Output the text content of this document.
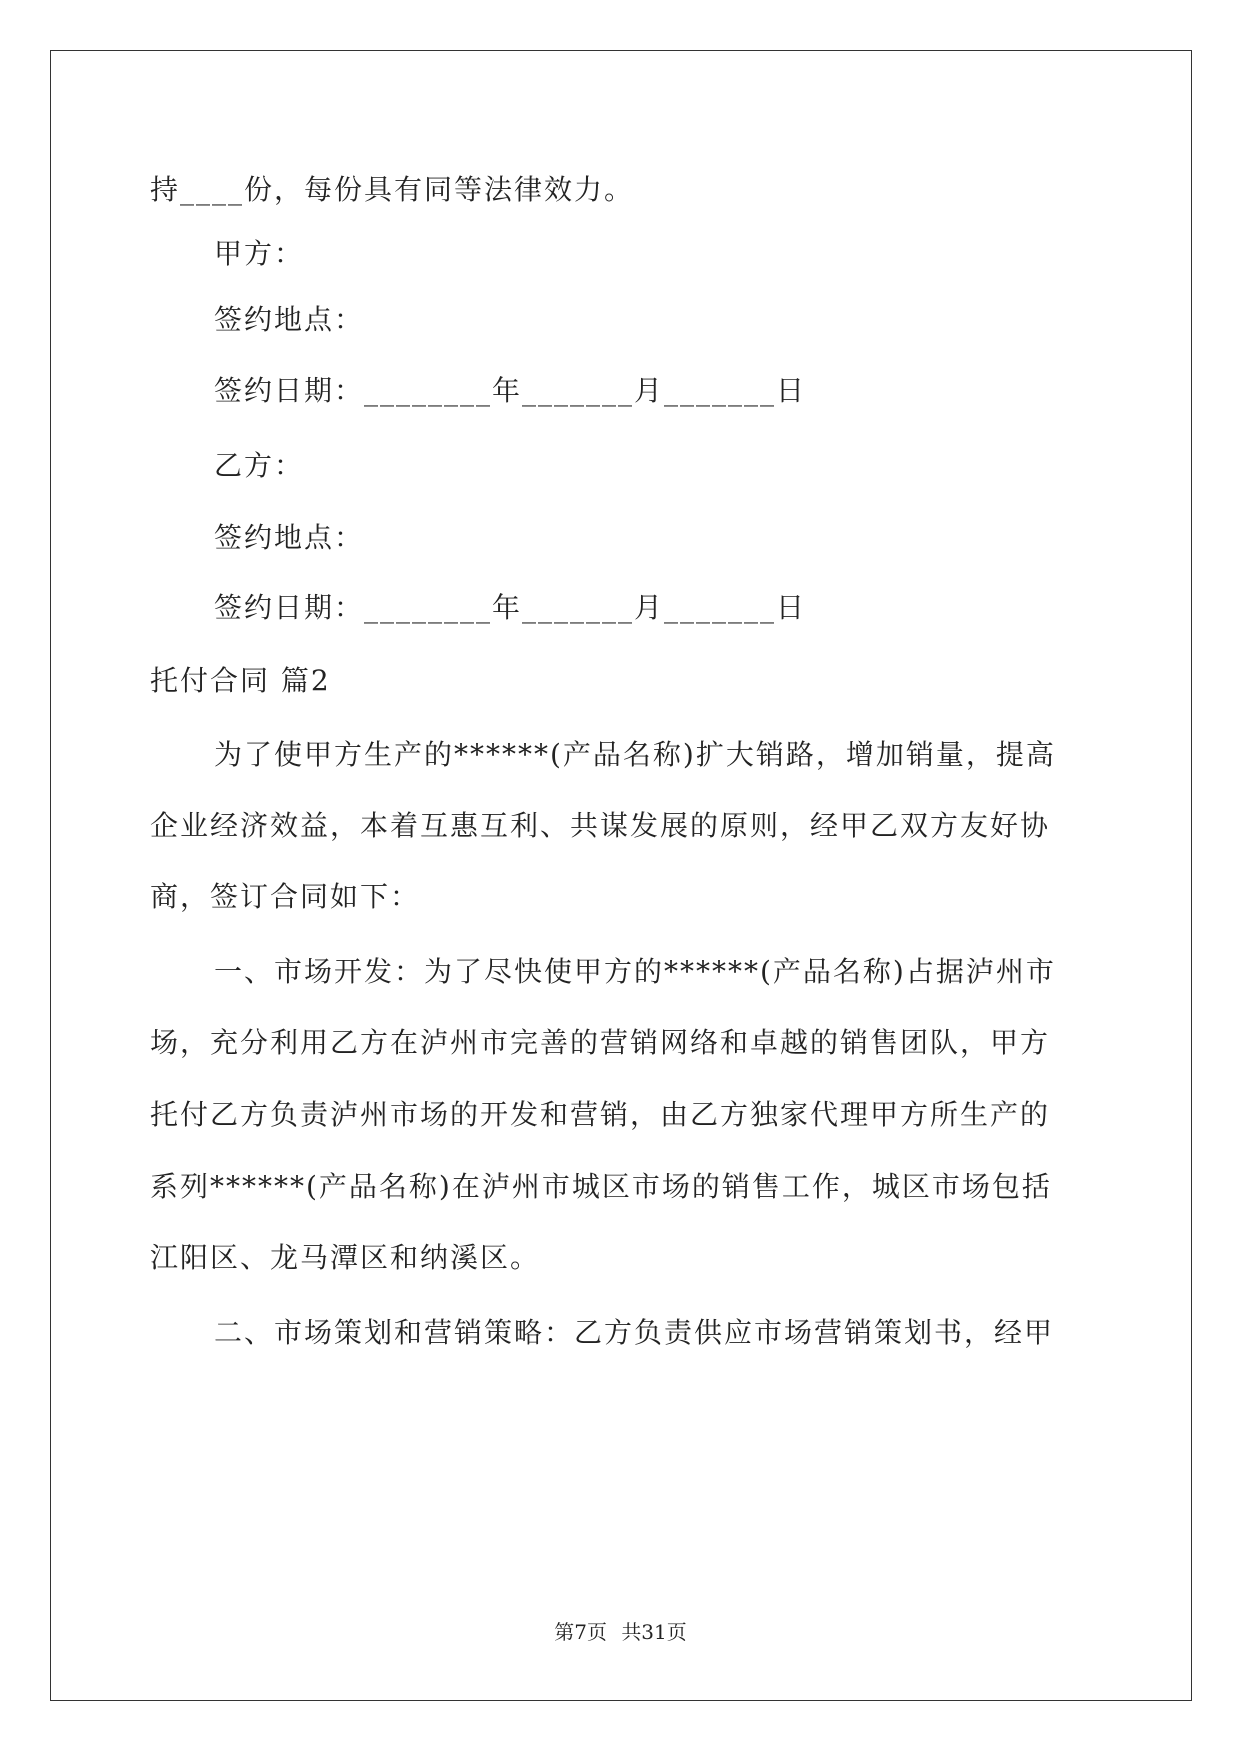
持____份，每份具有同等法律效力。
甲方：
签约地点：
签约日期：________年_______月_______日
乙方：
签约地点：
签约日期：________年_______月_______日
托付合同 篇2
为了使甲方生产的******(产品名称)扩大销路，增加销量，提高
企业经济效益，本着互惠互利、共谋发展的原则，经甲乙双方友好协
商，签订合同如下：
一、市场开发：为了尽快使甲方的******(产品名称)占据泸州市
场，充分利用乙方在泸州市完善的营销网络和卓越的销售团队，甲方
托付乙方负责泸州市场的开发和营销，由乙方独家代理甲方所生产的
系列******(产品名称)在泸州市城区市场的销售工作，城区市场包括
江阳区、龙马潭区和纳溪区。
二、市场策划和营销策略：乙方负责供应市场营销策划书，经甲
第7页 共31页
